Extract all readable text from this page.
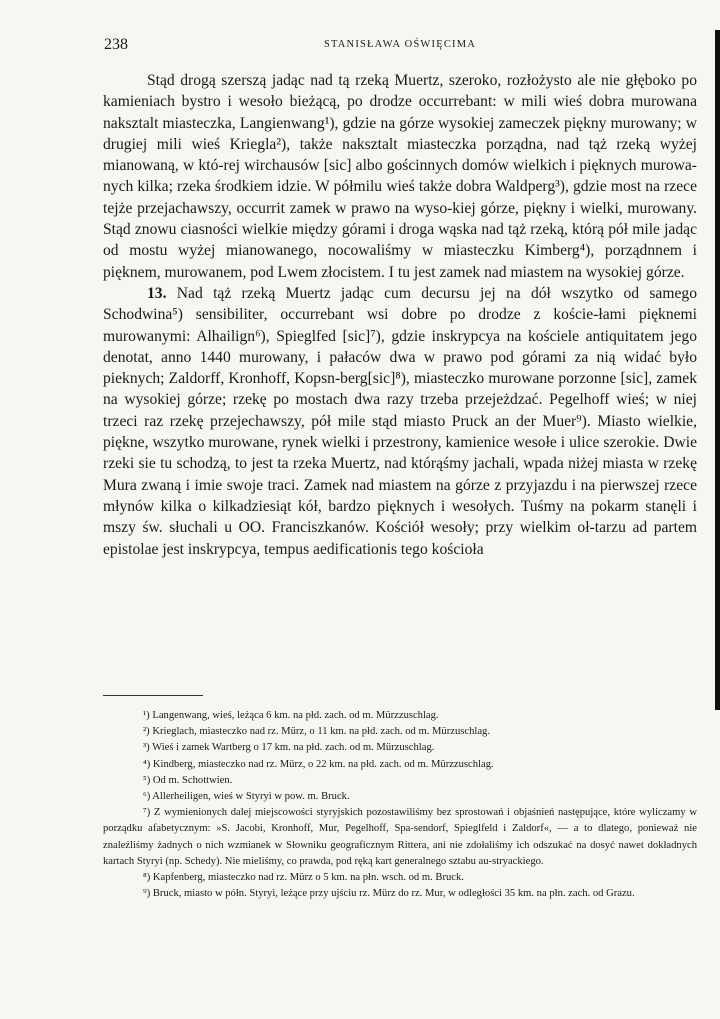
238	STANISŁAWA OŚWIĘCIMA

Stąd drogą szerszą jadąc nad tą rzeką Muertz, szeroko, rozłożysto ale nie głęboko po kamieniach bystro i wesoło bieżącą, po drodze occurrebant: w mili wieś dobra murowana naksztalt miasteczka, Langienwang¹), gdzie na górze wysokiej zameczek piękny murowany; w drugiej mili wieś Kriegla²), także naksztalt miasteczka porządna, nad tąż rzeką wyżej mianowaną, w któ-rej wirchausów [sic] albo gościnnych domów wielkich i pięknych murowa-nych kilka; rzeka środkiem idzie. W półmilu wieś także dobra Waldperg³), gdzie most na rzece tejże przejachawszy, occurrit zamek w prawo na wyso-kiej górze, piękny i wielki, murowany. Stąd znowu ciasności wielkie między górami i droga wąska nad tąż rzeką, którą pół mile jadąc od mostu wyżej mianowanego, nocowaliśmy w miasteczku Kimberg⁴), porządnnem i pięknem, murowanem, pod Lwem złocistem. I tu jest zamek nad miastem na wysokiej górze.

13. Nad tąż rzeką Muertz jadąc cum decursu jej na dół wszytko od samego Schodwina⁵) sensibiliter, occurrebant wsi dobre po drodze z koście-łami pięknemi murowanymi: Alhailign⁶), Spieglfed [sic]⁷), gdzie inskrypcya na kościele antiquitatem jego denotat, anno 1440 murowany, i pałaców dwa w prawo pod górami za nią widać było pieknych; Zaldorff, Kronhoff, Kopsn-berg[sic]⁸), miasteczko murowane porzonne [sic], zamek na wysokiej górze; rzekę po mostach dwa razy trzeba przejeżdzać. Pegelhoff wieś; w niej trzeci raz rzekę przejechawszy, pół mile stąd miasto Pruck an der Muer⁹). Miasto wielkie, piękne, wszytko murowane, rynek wielki i przestrony, kamienice wesołe i ulice szerokie. Dwie rzeki sie tu schodzą, to jest ta rzeka Muertz, nad którąśmy jachali, wpada niżej miasta w rzekę Mura zwaną i imie swoje traci. Zamek nad miastem na górze z przyjazdu i na pierwszej rzece młynów kilka o kilkadziesiąt kół, bardzo pięknych i wesołych. Tuśmy na pokarm stanęli i mszy św. słuchali u OO. Franciszkanów. Kościół wesoły; przy wielkim oł-tarzu ad partem epistolae jest inskrypcya, tempus aedificationis tego kościoła

¹) Langenwang, wieś, leżąca 6 km. na płd. zach. od m. Mürzzuschlag.

²) Krieglach, miasteczko nad rz. Mürz, o 11 km. na płd. zach. od m. Mürzuschlag.

³) Wieś i zamek Wartberg o 17 km. na płd. zach. od m. Mürzuschlag.

⁴) Kindberg, miasteczko nad rz. Mürz, o 22 km. na płd. zach. od m. Mürzzuschlag.

⁵) Od m. Schottwien.

⁶) Allerheiligen, wieś w Styryi w pow. m. Bruck.

⁷) Z wymienionych dalej miejscowości styryjskich pozostawiliśmy bez sprostowań i objaśnień następujące, które wyliczamy w porządku afabetycznym: »S. Jacobi, Kronhoff, Mur, Pegelhoff, Spa-sendorf, Spieglfeld i Zaldorf«, — a to dlatego, ponieważ nie znaleźliśmy żadnych o nich wzmianek w Słowniku geograficznym Rittera, ani nie zdołaliśmy ich odszukać na dosyć nawet dokładnych kartach Styryi (np. Schedy). Nie mieliśmy, co prawda, pod ręką kart generalnego sztabu au-stryackiego.

⁸) Kapfenberg, miasteczko nad rz. Mürz o 5 km. na płn. wsch. od m. Bruck.

⁹) Bruck, miasto w półn. Styryi, leżące przy ujściu rz. Mürz do rz. Mur, w odległości 35 km. na płn. zach. od Grazu.
